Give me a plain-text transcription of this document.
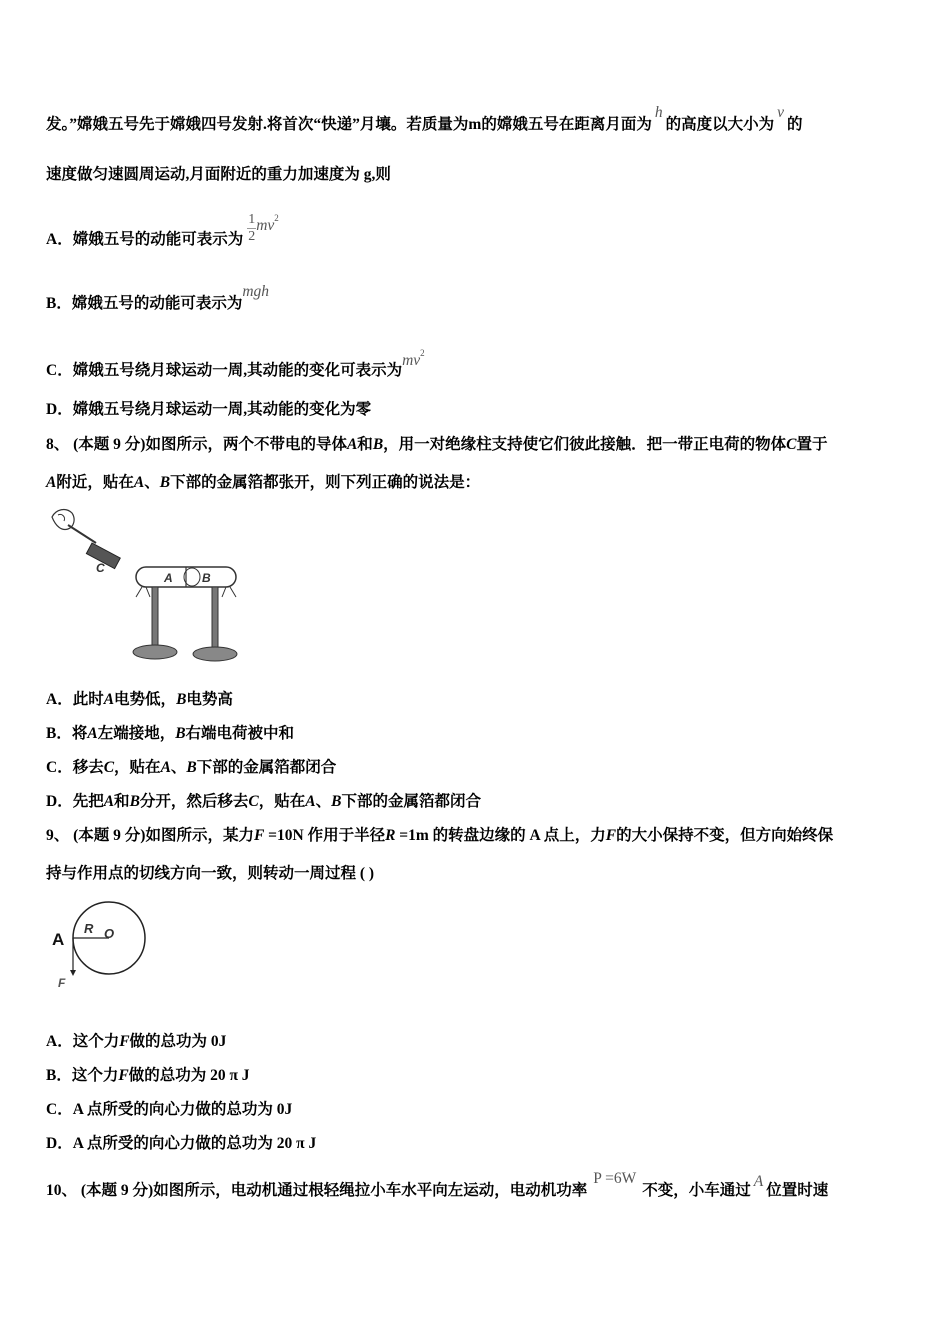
发。”嫦娥五号先于嫦娥四号发射.将首次“快递”月壤。若质量为m的嫦娥五号在距离月面为h的高度以大小为v的
速度做匀速圆周运动,月面附近的重力加速度为 g,则
A．嫦娥五号的动能可表示为 $\frac{1}{2} mv^2$
B．嫦娥五号的动能可表示为mgh
C．嫦娥五号绕月球运动一周,其动能的变化可表示为$mv^2$
D．嫦娥五号绕月球运动一周,其动能的变化为零
8、 (本题 9 分)如图所示，两个不带电的导体A和B，用一对绝缘柱支持使它们彼此接触．把一带正电荷的物体C置于
A附近，贴在A、B下部的金属箔都张开，则下列正确的说法是：
+ + +
C
A B
A．此时A电势低，B电势高
B．将A左端接地，B右端电荷被中和
C．移去C，贴在A、B下部的金属箔都闭合
D．先把A和B分开，然后移去C，贴在A、B下部的金属箔都闭合
9、 (本题 9 分)如图所示，某力F =10N 作用于半径R =1m 的转盘边缘的 A 点上，力F的大小保持不变，但方向始终保
持与作用点的切线方向一致，则转动一周过程 ( )
A
R O
F
A．这个力F做的总功为 0J
B．这个力F做的总功为 20 π J
C．A 点所受的向心力做的总功为 0J
D．A 点所受的向心力做的总功为 20 π J
10、 (本题 9 分)如图所示，电动机通过根轻绳拉小车水平向左运动，电动机功率P =6W不变，小车通过A位置时速
